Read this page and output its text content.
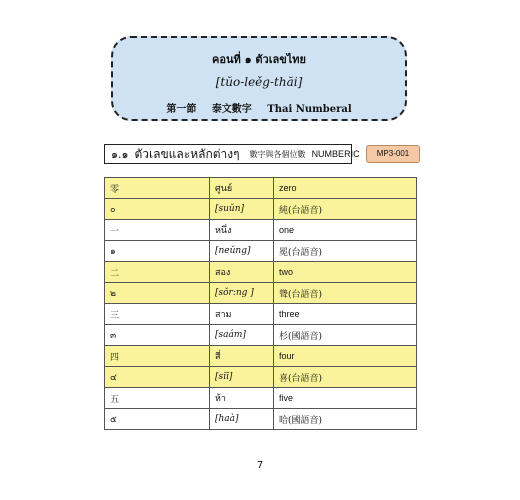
คอนที่ ๑ ตัวเลขไทย
[tŭo-leěg-thăi]
第一節 泰文數字 Thai Numberal
๑.๑ ตัวเลขและหลักต่างๆ 數字與各個位數 NUMBERIC	MP3-001
零	ศูนย์	zero
๐	[suŭn]	純(台語音)
一	หนึ่ง	one
๑	[neŭng]	冕(台語音)
二	สอง	two
๒	[sŏr:ng ]	聳(台語音)
三	สาม	three
๓	[saám]	杉(國語音)
四	สี่	four
๔	[sĭī]	喜(台語音)
五	ห้า	five
๕	[haà]	哈(國語音)
7
